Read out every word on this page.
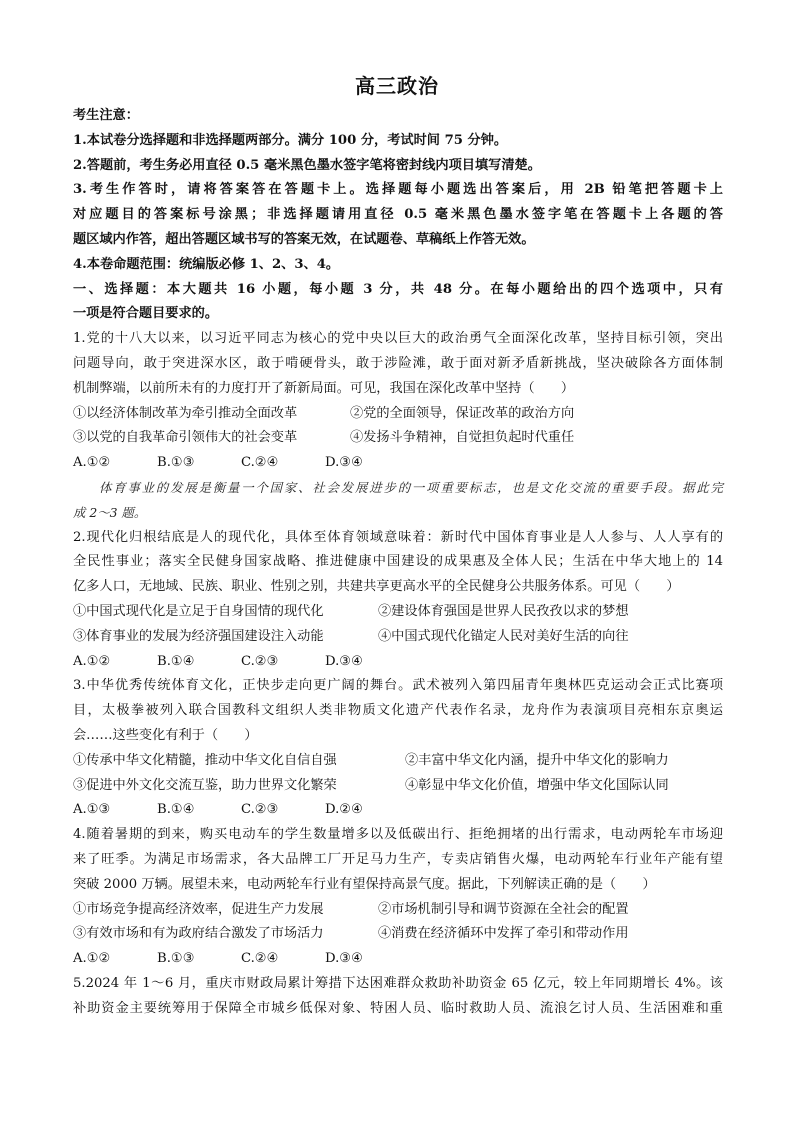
高三政治
考生注意：
1.本试卷分选择题和非选择题两部分。满分 100 分，考试时间 75 分钟。
2.答题前，考生务必用直径 0.5 毫米黑色墨水签字笔将密封线内项目填写清楚。
3.考生作答时，请将答案答在答题卡上。选择题每小题选出答案后，用 2B 铅笔把答题卡上
对应题目的答案标号涂黑；非选择题请用直径 0.5 毫米黑色墨水签字笔在答题卡上各题的答
题区域内作答，超出答题区域书写的答案无效，在试题卷、草稿纸上作答无效。
4.本卷命题范围：统编版必修 1、2、3、4。
一、选择题：本大题共 16 小题，每小题 3 分，共 48 分。在每小题给出的四个选项中，只有
一项是符合题目要求的。
1.党的十八大以来，以习近平同志为核心的党中央以巨大的政治勇气全面深化改革，坚持目标引领，突出
问题导向，敢于突进深水区，敢于啃硬骨头，敢于涉险滩，敢于面对新矛盾新挑战，坚决破除各方面体制
机制弊端，以前所未有的力度打开了新新局面。可见，我国在深化改革中坚持（　　）
①以经济体制改革为牵引推动全面改革	②党的全面领导，保证改革的政治方向
③以党的自我革命引领伟大的社会变革	④发扬斗争精神，自觉担负起时代重任
A.①②	B.①③	C.②④	D.③④
体育事业的发展是衡量一个国家、社会发展进步的一项重要标志，也是文化交流的重要手段。据此完
成 2～3 题。
2.现代化归根结底是人的现代化，具体至体育领域意味着：新时代中国体育事业是人人参与、人人享有的
全民性事业；落实全民健身国家战略、推进健康中国建设的成果惠及全体人民；生活在中华大地上的 14
亿多人口，无地域、民族、职业、性别之别，共建共享更高水平的全民健身公共服务体系。可见（　　）
①中国式现代化是立足于自身国情的现代化	②建设体育强国是世界人民孜孜以求的梦想
③体育事业的发展为经济强国建设注入动能	④中国式现代化锚定人民对美好生活的向往
A.①②	B.①④	C.②③	D.③④
3.中华优秀传统体育文化，正快步走向更广阔的舞台。武术被列入第四届青年奥林匹克运动会正式比赛项
目，太极拳被列入联合国教科文组织人类非物质文化遗产代表作名录，龙舟作为表演项目亮相东京奥运
会……这些变化有利于（　　）
①传承中华文化精髓，推动中华文化自信自强	②丰富中华文化内涵，提升中华文化的影响力
③促进中外文化交流互鉴，助力世界文化繁荣	④彰显中华文化价值，增强中华文化国际认同
A.①③	B.①④	C.②③	D.②④
4.随着暑期的到来，购买电动车的学生数量增多以及低碳出行、拒绝拥堵的出行需求，电动两轮车市场迎
来了旺季。为满足市场需求，各大品牌工厂开足马力生产，专卖店销售火爆，电动两轮车行业年产能有望
突破 2000 万辆。展望未来，电动两轮车行业有望保持高景气度。据此，下列解读正确的是（　　）
①市场竞争提高经济效率，促进生产力发展	②市场机制引导和调节资源在全社会的配置
③有效市场和有为政府结合激发了市场活力	④消费在经济循环中发挥了牵引和带动作用
A.①②	B.①③	C.②④	D.③④
5.2024 年 1～6 月，重庆市财政局累计筹措下达困难群众救助补助资金 65 亿元，较上年同期增长 4%。该
补助资金主要统筹用于保障全市城乡低保对象、特困人员、临时救助人员、流浪乞讨人员、生活困难和重
